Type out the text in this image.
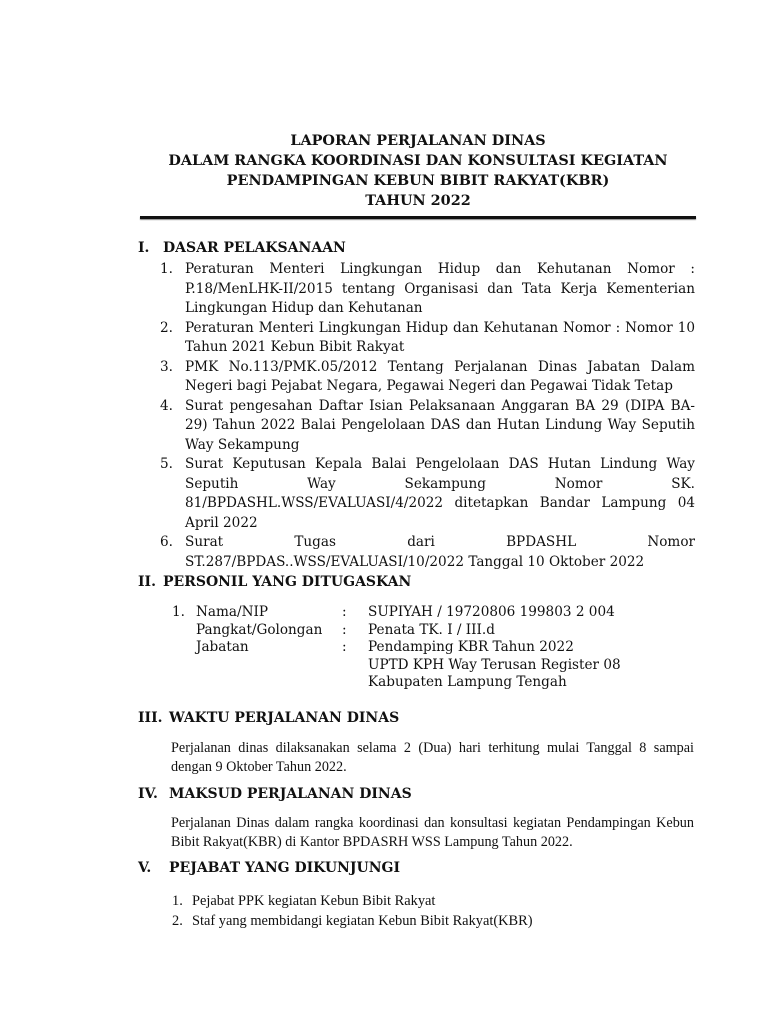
LAPORAN PERJALANAN DINAS
DALAM RANGKA KOORDINASI DAN KONSULTASI KEGIATAN
PENDAMPINGAN KEBUN BIBIT RAKYAT(KBR)
TAHUN 2022
I. DASAR PELAKSANAAN
1. Peraturan Menteri Lingkungan Hidup dan Kehutanan Nomor : P.18/MenLHK-II/2015 tentang Organisasi dan Tata Kerja Kementerian Lingkungan Hidup dan Kehutanan
2. Peraturan Menteri Lingkungan Hidup dan Kehutanan Nomor : Nomor 10 Tahun 2021 Kebun Bibit Rakyat
3. PMK No.113/PMK.05/2012 Tentang Perjalanan Dinas Jabatan Dalam Negeri bagi Pejabat Negara, Pegawai Negeri dan Pegawai Tidak Tetap
4. Surat pengesahan Daftar Isian Pelaksanaan Anggaran BA 29 (DIPA BA-29) Tahun 2022 Balai Pengelolaan DAS dan Hutan Lindung Way Seputih Way Sekampung
5. Surat Keputusan Kepala Balai Pengelolaan DAS Hutan Lindung Way Seputih Way Sekampung Nomor SK. 81/BPDASHL.WSS/EVALUASI/4/2022 ditetapkan Bandar Lampung 04 April 2022
6. Surat Tugas dari BPDASHL Nomor ST.287/BPDAS..WSS/EVALUASI/10/2022 Tanggal 10 Oktober 2022
II. PERSONIL YANG DITUGASKAN
1. Nama/NIP	:	SUPIYAH / 19720806 199803 2 004
Pangkat/Golongan	:	Penata TK. I / III.d
Jabatan	:	Pendamping KBR Tahun 2022
UPTD KPH Way Terusan Register 08
Kabupaten Lampung Tengah
III. WAKTU PERJALANAN DINAS
Perjalanan dinas dilaksanakan selama 2 (Dua) hari terhitung mulai Tanggal 8 sampai dengan 9 Oktober Tahun 2022.
IV. MAKSUD PERJALANAN DINAS
Perjalanan Dinas dalam rangka koordinasi dan konsultasi kegiatan Pendampingan Kebun Bibit Rakyat(KBR) di Kantor BPDASRH WSS Lampung Tahun 2022.
V. PEJABAT YANG DIKUNJUNGI
1. Pejabat PPK kegiatan Kebun Bibit Rakyat
2. Staf yang membidangi kegiatan Kebun Bibit Rakyat(KBR)
